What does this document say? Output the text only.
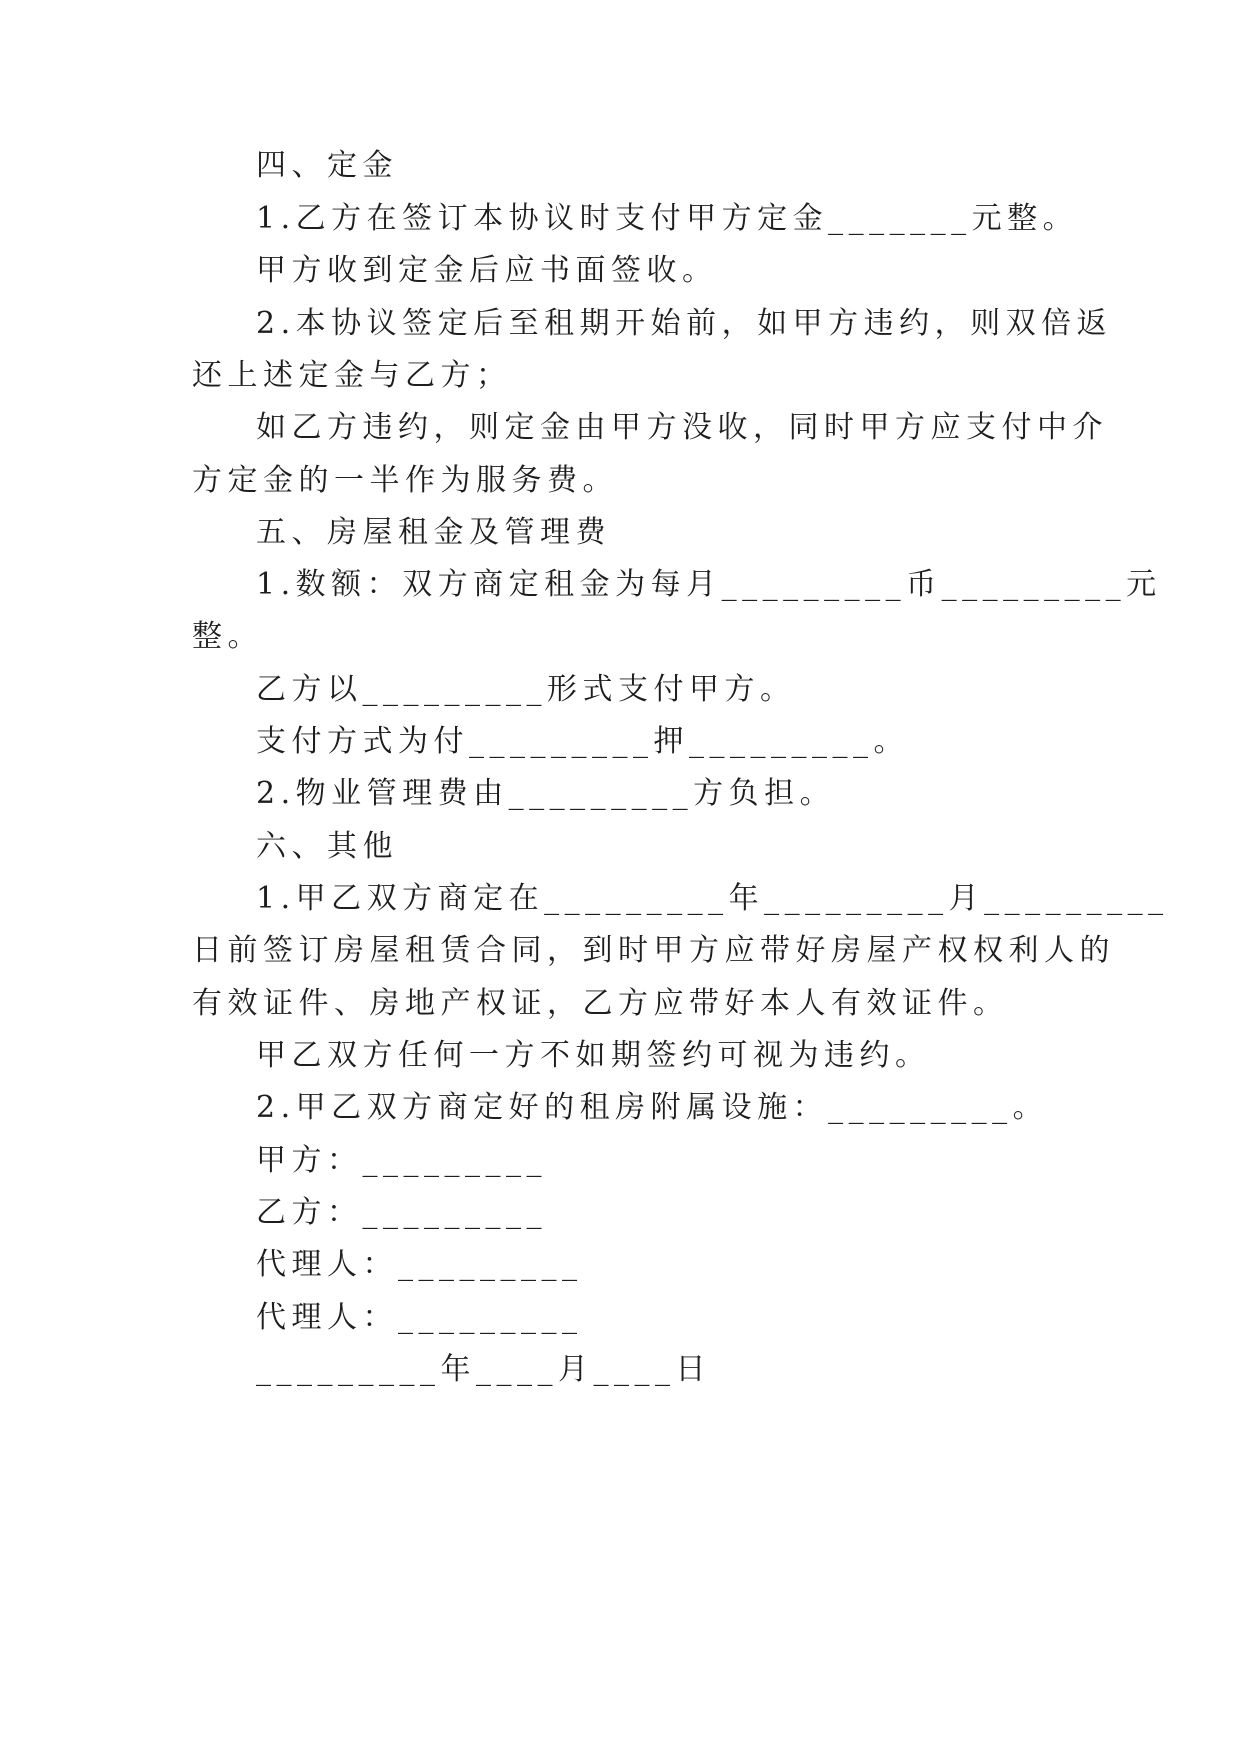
四、定金
1.乙方在签订本协议时支付甲方定金_______元整。
甲方收到定金后应书面签收。
2.本协议签定后至租期开始前，如甲方违约，则双倍返
还上述定金与乙方；
如乙方违约，则定金由甲方没收，同时甲方应支付中介
方定金的一半作为服务费。
五、房屋租金及管理费
1.数额：双方商定租金为每月_________币_________元
整。
乙方以_________形式支付甲方。
支付方式为付_________押_________。
2.物业管理费由_________方负担。
六、其他
1.甲乙双方商定在_________年_________月_________
日前签订房屋租赁合同，到时甲方应带好房屋产权权利人的
有效证件、房地产权证，乙方应带好本人有效证件。
甲乙双方任何一方不如期签约可视为违约。
2.甲乙双方商定好的租房附属设施：_________。
甲方：_________
乙方：_________
代理人：_________
代理人：_________
_________年____月____日
